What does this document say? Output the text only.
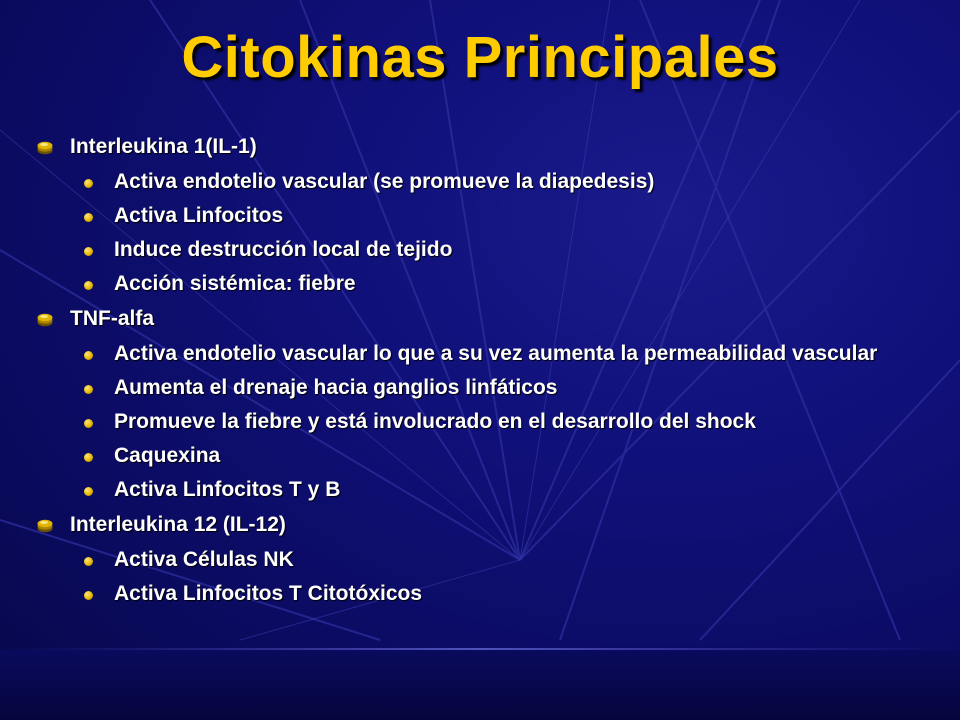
Citokinas Principales
Interleukina 1(IL-1)
Activa endotelio vascular (se promueve la diapedesis)
Activa Linfocitos
Induce destrucción local de tejido
Acción sistémica: fiebre
TNF-alfa
Activa endotelio vascular lo que a su vez aumenta la permeabilidad vascular
Aumenta el drenaje hacia ganglios linfáticos
Promueve la fiebre y está involucrado en el desarrollo del shock
Caquexina
Activa Linfocitos T y B
Interleukina 12 (IL-12)
Activa Células NK
Activa Linfocitos T Citotóxicos
